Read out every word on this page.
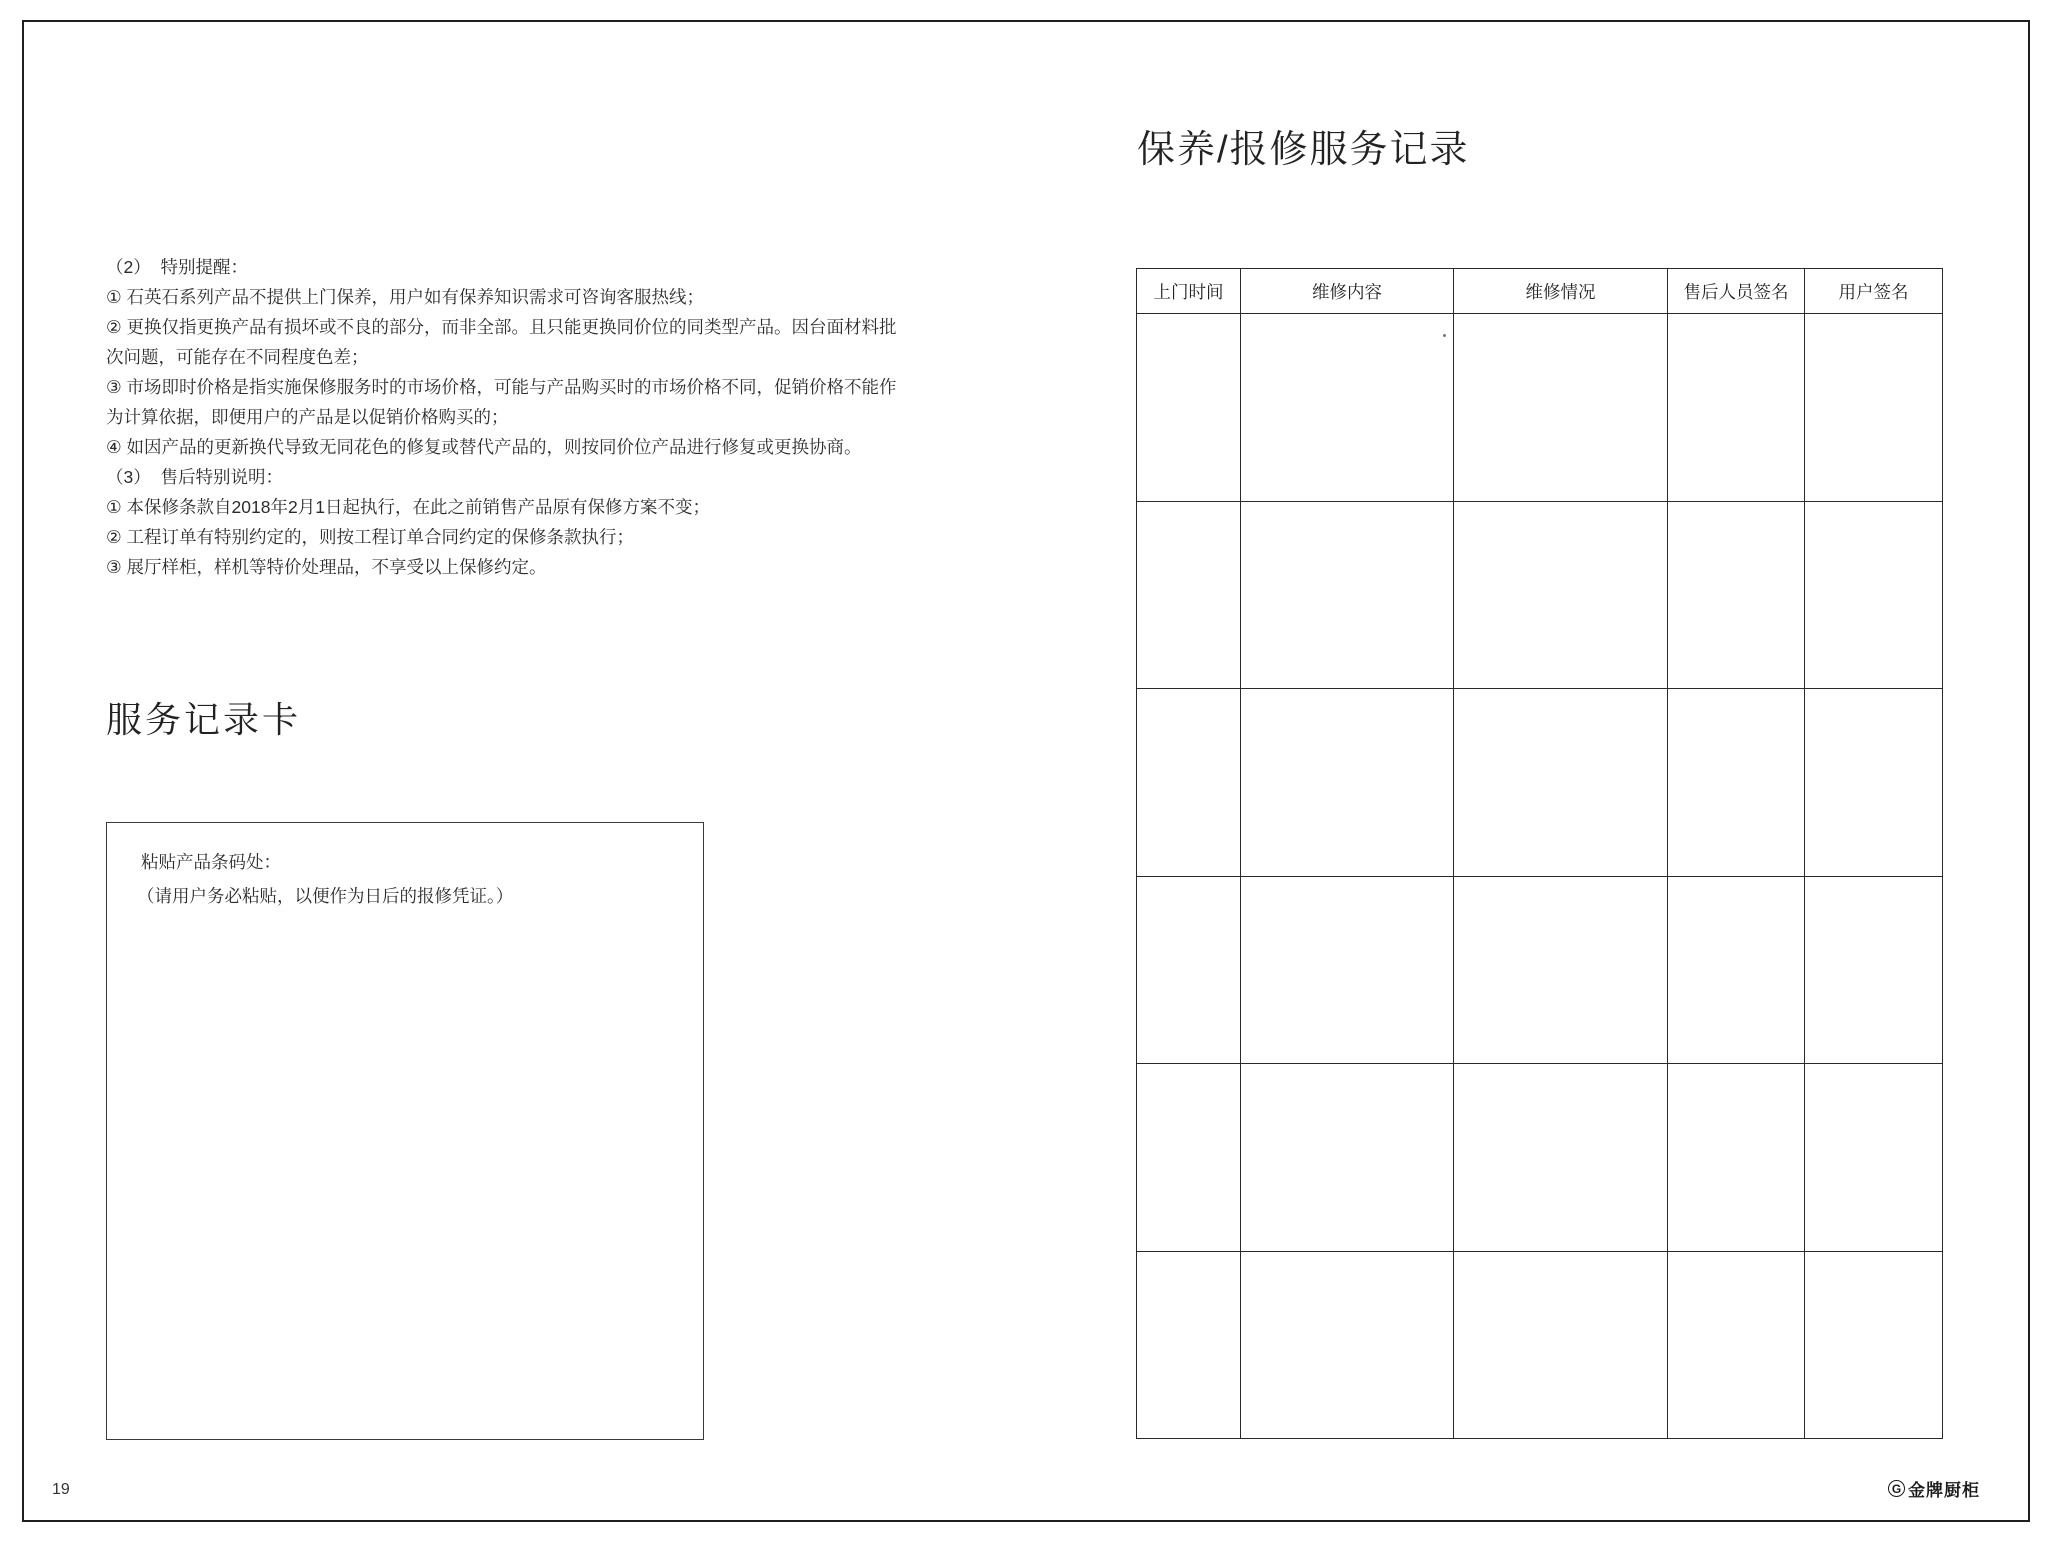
（2）  特别提醒：
① 石英石系列产品不提供上门保养，用户如有保养知识需求可咨询客服热线；
② 更换仅指更换产品有损坏或不良的部分，而非全部。且只能更换同价位的同类型产品。因台面材料批
次问题，可能存在不同程度色差；
③ 市场即时价格是指实施保修服务时的市场价格，可能与产品购买时的市场价格不同，促销价格不能作
为计算依据，即便用户的产品是以促销价格购买的；
④ 如因产品的更新换代导致无同花色的修复或替代产品的，则按同价位产品进行修复或更换协商。
（3）  售后特别说明：
① 本保修条款自2018年2月1日起执行，在此之前销售产品原有保修方案不变；
② 工程订单有特别约定的，则按工程订单合同约定的保修条款执行；
③ 展厅样柜，样机等特价处理品，不享受以上保修约定。
服务记录卡
粘贴产品条码处：
（请用户务必粘贴，以便作为日后的报修凭证。）
保养/报修服务记录
上门时间	维修内容	维修情况	售后人员签名	用户签名

19	G 金牌厨柜
